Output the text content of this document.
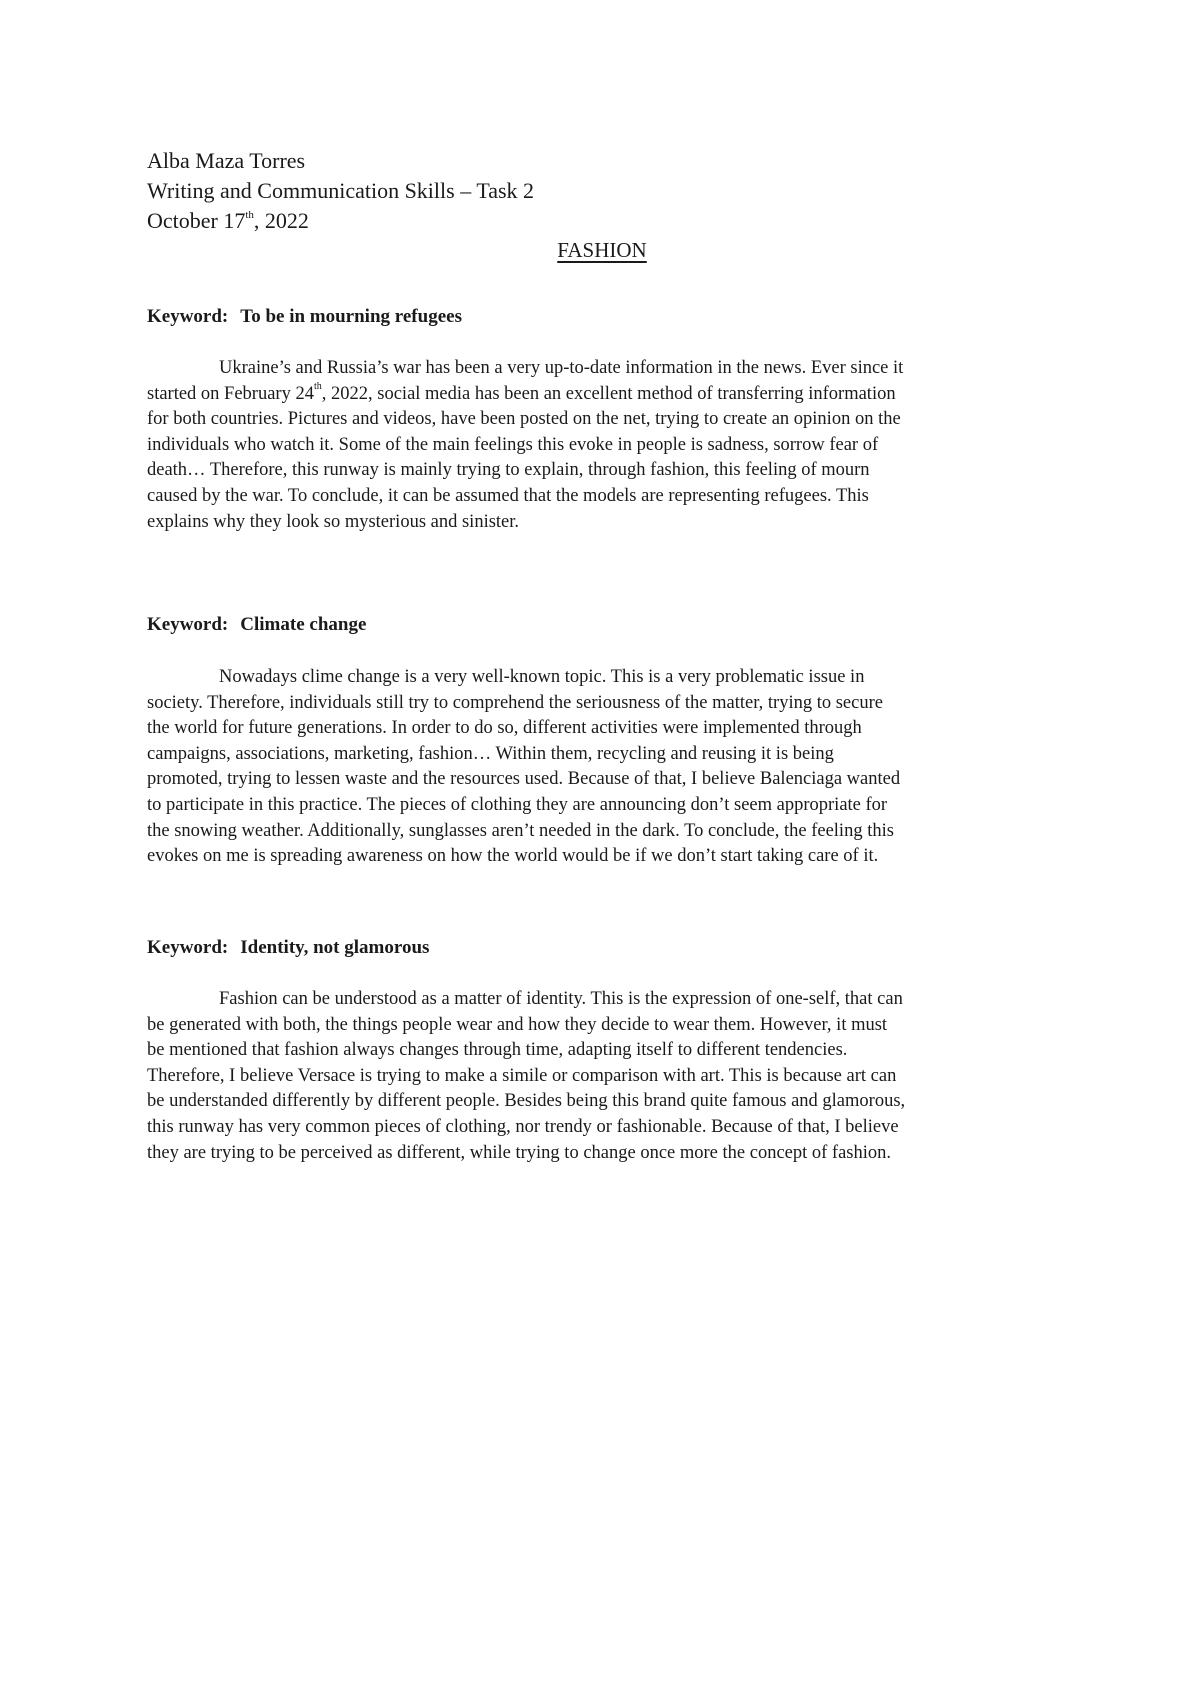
Alba Maza Torres
Writing and Communication Skills – Task 2
October 17th, 2022
FASHION
Keyword: To be in mourning refugees
Ukraine’s and Russia’s war has been a very up-to-date information in the news. Ever since it
started on February 24th, 2022, social media has been an excellent method of transferring information
for both countries. Pictures and videos, have been posted on the net, trying to create an opinion on the
individuals who watch it. Some of the main feelings this evoke in people is sadness, sorrow fear of
death… Therefore, this runway is mainly trying to explain, through fashion, this feeling of mourn
caused by the war. To conclude, it can be assumed that the models are representing refugees. This
explains why they look so mysterious and sinister.
Keyword: Climate change
Nowadays clime change is a very well-known topic. This is a very problematic issue in
society. Therefore, individuals still try to comprehend the seriousness of the matter, trying to secure
the world for future generations. In order to do so, different activities were implemented through
campaigns, associations, marketing, fashion… Within them, recycling and reusing it is being
promoted, trying to lessen waste and the resources used. Because of that, I believe Balenciaga wanted
to participate in this practice. The pieces of clothing they are announcing don’t seem appropriate for
the snowing weather. Additionally, sunglasses aren’t needed in the dark. To conclude, the feeling this
evokes on me is spreading awareness on how the world would be if we don’t start taking care of it.
Keyword: Identity, not glamorous
Fashion can be understood as a matter of identity. This is the expression of one-self, that can
be generated with both, the things people wear and how they decide to wear them. However, it must
be mentioned that fashion always changes through time, adapting itself to different tendencies.
Therefore, I believe Versace is trying to make a simile or comparison with art. This is because art can
be understanded differently by different people. Besides being this brand quite famous and glamorous,
this runway has very common pieces of clothing, nor trendy or fashionable. Because of that, I believe
they are trying to be perceived as different, while trying to change once more the concept of fashion.
